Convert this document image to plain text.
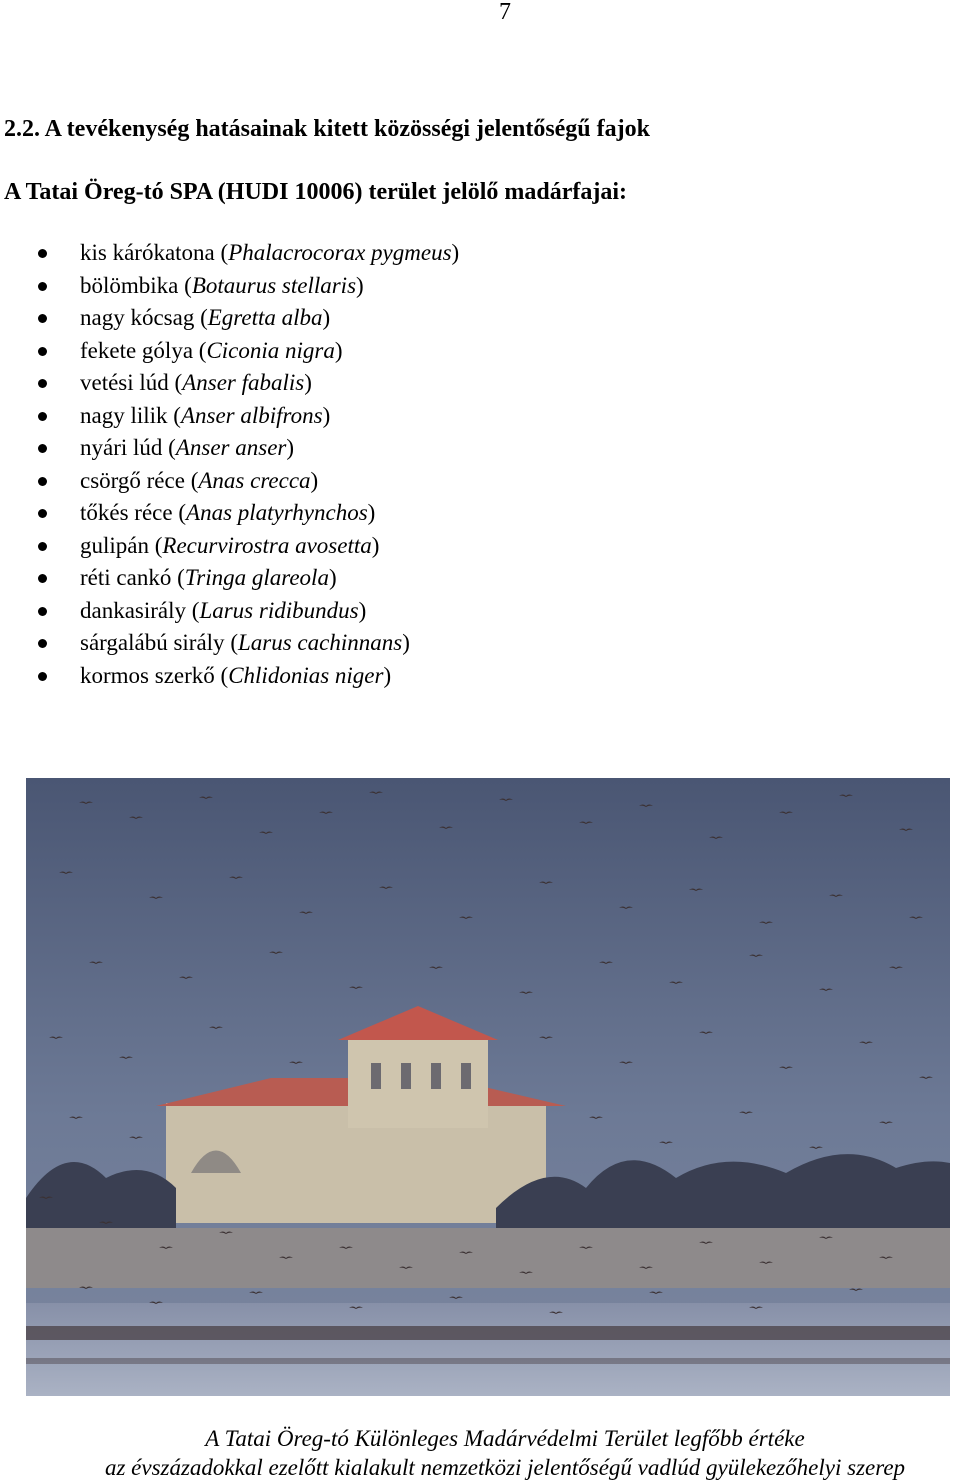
7
2.2. A tevékenység hatásainak kitett közösségi jelentőségű fajok
A Tatai Öreg-tó SPA (HUDI 10006) terület jelölő madárfajai:
kis kárókatona (Phalacrocorax pygmeus)
bölömbika (Botaurus stellaris)
nagy kócsag (Egretta alba)
fekete gólya (Ciconia nigra)
vetési lúd (Anser fabalis)
nagy lilik (Anser albifrons)
nyári lúd (Anser anser)
csörgő réce (Anas crecca)
tőkés réce (Anas platyrhynchos)
gulipán (Recurvirostra avosetta)
réti cankó (Tringa glareola)
dankasirály (Larus ridibundus)
sárgalábú sirály (Larus cachinnans)
kormos szerkő (Chlidonias niger)
A Tatai Öreg-tó Különleges Madárvédelmi Terület legfőbb értéke
az évszázadokkal ezelőtt kialakult nemzetközi jelentőségű vadlúd gyülekezőhelyi szerep
